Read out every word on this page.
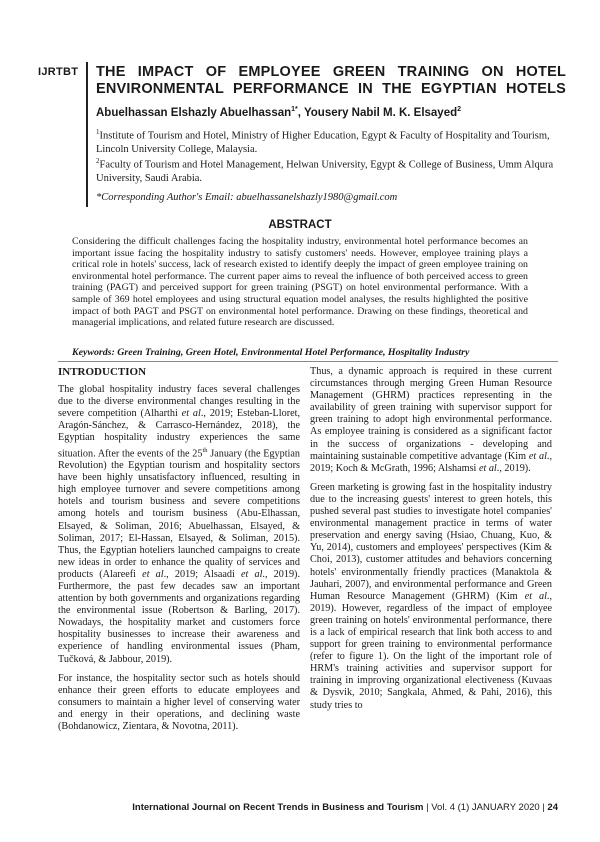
IJRTBT THE IMPACT OF EMPLOYEE GREEN TRAINING ON HOTEL ENVIRONMENTAL PERFORMANCE IN THE EGYPTIAN HOTELS
Abuelhassan Elshazly Abuelhassan$^{1*}$, Yousery Nabil M. K. Elsayed$^2$
$^1$Institute of Tourism and Hotel, Ministry of Higher Education, Egypt & Faculty of Hospitality and Tourism, Lincoln University College, Malaysia.
$^2$Faculty of Tourism and Hotel Management, Helwan University, Egypt & College of Business, Umm Alqura University, Saudi Arabia.
*Corresponding Author's Email: abuelhassanelshazly1980@gmail.com
ABSTRACT

Considering the difficult challenges facing the hospitality industry, environmental hotel performance becomes an important issue facing the hospitality industry to satisfy customers' needs. However, employee training plays a critical role in hotels' success, lack of research existed to identify deeply the impact of green employee training on environmental hotel performance. The current paper aims to reveal the influence of both perceived access to green training (PAGT) and perceived support for green training (PSGT) on hotel environmental performance. With a sample of 369 hotel employees and using structural equation model analyses, the results highlighted the positive impact of both PAGT and PSGT on environmental hotel performance. Drawing on these findings, theoretical and managerial implications, and related future research are discussed.

Keywords: Green Training, Green Hotel, Environmental Hotel Performance, Hospitality Industry
INTRODUCTION

The global hospitality industry faces several challenges due to the diverse environmental changes resulting in the severe competition (Alharthi et al., 2019; Esteban-Lloret, Aragón-Sánchez, & Carrasco-Hernández, 2018), the Egyptian hospitality industry experiences the same situation. After the events of the 25th January (the Egyptian Revolution) the Egyptian tourism and hospitality sectors have been highly unsatisfactory influenced, resulting in high employee turnover and severe competitions among hotels and tourism business and severe competitions among hotels and tourism business (Abu-Elhassan, Elsayed, & Soliman, 2016; Abuelhassan, Elsayed, & Soliman, 2017; El-Hassan, Elsayed, & Soliman, 2015). Thus, the Egyptian hoteliers launched campaigns to create new ideas in order to enhance the quality of services and products (Alareefi et al., 2019; Alsaadi et al., 2019). Furthermore, the past few decades saw an important attention by both governments and organizations regarding the environmental issue (Robertson & Barling, 2017). Nowadays, the hospitality market and customers force hospitality businesses to increase their awareness and experience of handling environmental issues (Pham, Tučková, & Jabbour, 2019).

For instance, the hospitality sector such as hotels should enhance their green efforts to educate employees and consumers to maintain a higher level of conserving water and energy in their operations, and declining waste (Bohdanowicz, Zientara, & Novotna, 2011).

Thus, a dynamic approach is required in these current circumstances through merging Green Human Resource Management (GHRM) practices representing in the availability of green training with supervisor support for green training to adopt high environmental performance. As employee training is considered as a significant factor in the success of organizations - developing and maintaining sustainable competitive advantage (Kim et al., 2019; Koch & McGrath, 1996; Alshamsi et al., 2019).

Green marketing is growing fast in the hospitality industry due to the increasing guests' interest to green hotels, this pushed several past studies to investigate hotel companies' environmental management practice in terms of water preservation and energy saving (Hsiao, Chuang, Kuo, & Yu, 2014), customers and employees' perspectives (Kim & Choi, 2013), customer attitudes and behaviors concerning hotels' environmentally friendly practices (Manaktola & Jauhari, 2007), and environmental performance and Green Human Resource Management (GHRM) (Kim et al., 2019). However, regardless of the impact of employee green training on hotels' environmental performance, there is a lack of empirical research that link both access to and support for green training to environmental performance (refer to figure 1). On the light of the important role of HRM's training activities and supervisor support for training in improving organizational electiveness (Kuvaas & Dysvik, 2010; Sangkala, Ahmed, & Pahi, 2016), this study tries to

International Journal on Recent Trends in Business and Tourism | Vol. 4 (1) JANUARY 2020 | 24
